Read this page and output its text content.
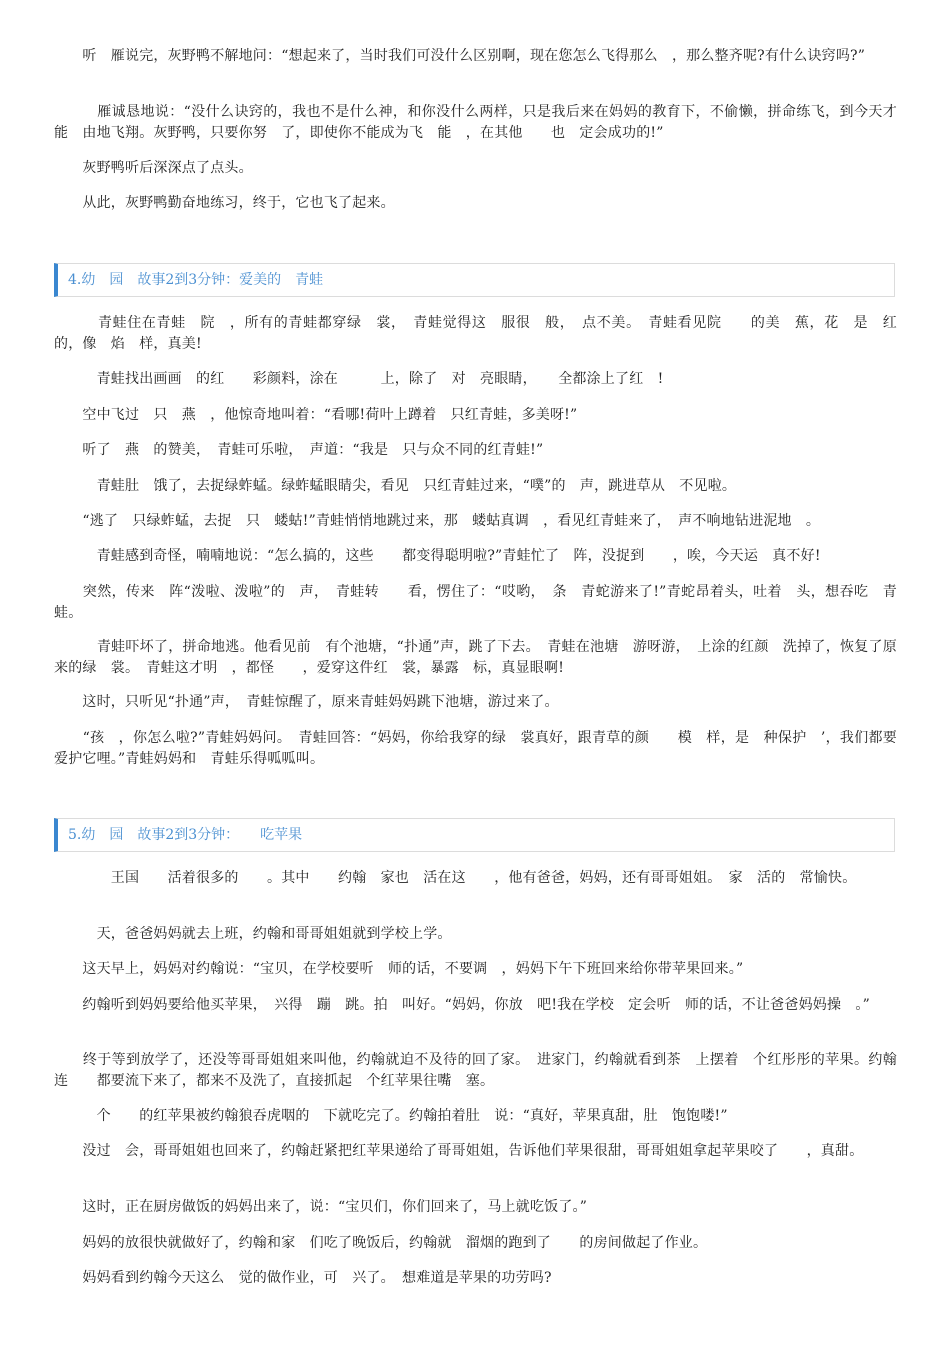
　　听　雁说完，灰野鸭不解地问：“想起来了，当时我们可没什么区别啊，现在您怎么飞得那么　，那么整齐呢?有什么诀窍吗?”

　　　雁诚恳地说：“没什么诀窍的，我也不是什么神，和你没什么两样，只是我后来在妈妈的教育下，不偷懒，拼命练飞，到今天才能　由地飞翔。灰野鸭，只要你努　了，即使你不能成为飞　能　，在其他　　也　定会成功的!”

　　灰野鸭听后深深点了点头。

　　从此，灰野鸭勤奋地练习，终于，它也飞了起来。

4.幼　园　故事2到3分钟：爱美的　青蛙

　　　青蛙住在青蛙　院　，所有的青蛙都穿绿　裳，　青蛙觉得这　服很　般，　点不美。　青蛙看见院　　的美　蕉，花　是　红的，像　焰　样，真美!

　　　青蛙找出画画　的红　　彩颜料，涂在　　　上，除了　对　亮眼睛，　　全都涂上了红　!

　　空中飞过　只　燕　，他惊奇地叫着：“看哪!荷叶上蹲着　只红青蛙，多美呀!”

　　听了　燕　的赞美，　青蛙可乐啦，　声道：“我是　只与众不同的红青蛙!”

　　　青蛙肚　饿了，去捉绿蚱蜢。绿蚱蜢眼睛尖，看见　只红青蛙过来，“噗”的　声，跳进草从　不见啦。

　　“逃了　只绿蚱蜢，去捉　只　蝼蛄!”青蛙悄悄地跳过来，那　蝼蛄真调　，看见红青蛙来了，　声不响地钻进泥地　。

　　　青蛙感到奇怪，喃喃地说：“怎么搞的，这些　　都变得聪明啦?”青蛙忙了　阵，没捉到　　，唉，今天运　真不好!

　　突然，传来　阵“泼啦、泼啦”的　声，　青蛙转　　看，愣住了：“哎哟，　条　青蛇游来了!”青蛇昂着头，吐着　头，想吞吃　青蛙。

　　　青蛙吓坏了，拼命地逃。他看见前　有个池塘，“扑通”声，跳了下去。　青蛙在池塘　游呀游，　上涂的红颜　洗掉了，恢复了原来的绿　裳。　青蛙这才明　，都怪　　，爱穿这件红　裳，暴露　标，真显眼啊!

　　这时，只听见“扑通”声，　青蛙惊醒了，原来青蛙妈妈跳下池塘，游过来了。

　　“孩　，你怎么啦?”青蛙妈妈问。　青蛙回答：“妈妈，你给我穿的绿　裳真好，跟青草的颜　　模　样，是　种保护　’，我们都要爱护它哩。”青蛙妈妈和　青蛙乐得呱呱叫。

5.幼　园　故事2到3分钟：　　吃苹果

　　　　王国　　活着很多的　　。其中　　约翰　家也　活在这　　，他有爸爸，妈妈，还有哥哥姐姐。　家　活的　常愉快。

　　　天，爸爸妈妈就去上班，约翰和哥哥姐姐就到学校上学。

　　这天早上，妈妈对约翰说：“宝贝，在学校要听　师的话，不要调　，妈妈下午下班回来给你带苹果回来。”

　　约翰听到妈妈要给他买苹果，　兴得　蹦　跳。拍　叫好。“妈妈，你放　吧!我在学校　定会听　师的话，不让爸爸妈妈操　。”

　　终于等到放学了，还没等哥哥姐姐来叫他，约翰就迫不及待的回了家。　进家门，约翰就看到茶　上摆着　个红彤彤的苹果。约翰连　　都要流下来了，都来不及洗了，直接抓起　个红苹果往嘴　塞。

　　　个　　的红苹果被约翰狼吞虎咽的　下就吃完了。约翰拍着肚　说：“真好，苹果真甜，肚　饱饱喽!”

　　没过　会，哥哥姐姐也回来了，约翰赶紧把红苹果递给了哥哥姐姐，告诉他们苹果很甜，哥哥姐姐拿起苹果咬了　　，真甜。

　　这时，正在厨房做饭的妈妈出来了，说：“宝贝们，你们回来了，马上就吃饭了。”

　　妈妈的放很快就做好了，约翰和家　们吃了晚饭后，约翰就　溜烟的跑到了　　的房间做起了作业。

　　妈妈看到约翰今天这么　觉的做作业，可　兴了。　想难道是苹果的功劳吗?
